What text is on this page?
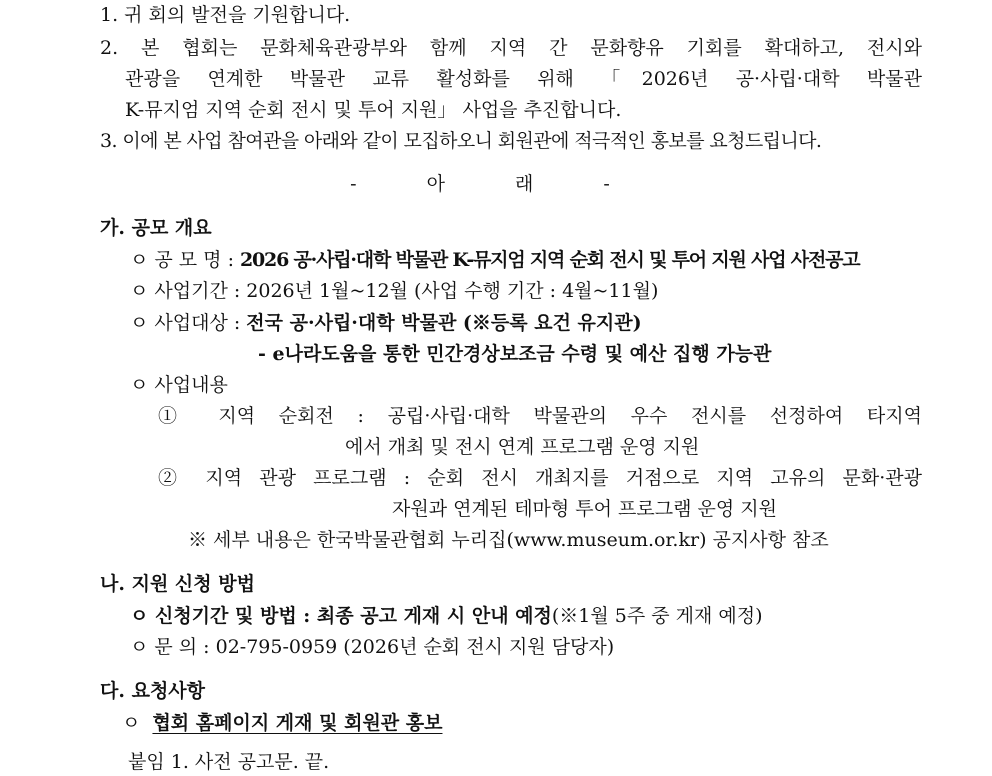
1. 귀 회의 발전을 기원합니다.
2. 본 협회는 문화체육관광부와 함께 지역 간 문화향유 기회를 확대하고, 전시와
관광을 연계한 박물관 교류 활성화를 위해 「2026년 공·사립·대학 박물관
K-뮤지엄 지역 순회 전시 및 투어 지원」 사업을 추진합니다.
3. 이에 본 사업 참여관을 아래와 같이 모집하오니 회원관에 적극적인 홍보를 요청드립니다.
- 아 래 -
가. 공모 개요
ㅇ 공 모 명 : 2026 공·사립·대학 박물관 K-뮤지엄 지역 순회 전시 및 투어 지원 사업 사전공고
ㅇ 사업기간 : 2026년 1월~12월 (사업 수행 기간 : 4월~11월)
ㅇ 사업대상 : 전국 공·사립·대학 박물관 (※등록 요건 유지관)
- e나라도움을 통한 민간경상보조금 수령 및 예산 집행 가능관
ㅇ 사업내용
① 지역 순회전 : 공립·사립·대학 박물관의 우수 전시를 선정하여 타지역
에서 개최 및 전시 연계 프로그램 운영 지원
② 지역 관광 프로그램 : 순회 전시 개최지를 거점으로 지역 고유의 문화·관광
자원과 연계된 테마형 투어 프로그램 운영 지원
※ 세부 내용은 한국박물관협회 누리집(www.museum.or.kr) 공지사항 참조
나. 지원 신청 방법
ㅇ 신청기간 및 방법 : 최종 공고 게재 시 안내 예정(※1월 5주 중 게재 예정)
ㅇ 문 의 : 02-795-0959 (2026년 순회 전시 지원 담당자)
다. 요청사항
ㅇ 협회 홈페이지 게재 및 회원관 홍보
붙임 1. 사전 공고문. 끝.
